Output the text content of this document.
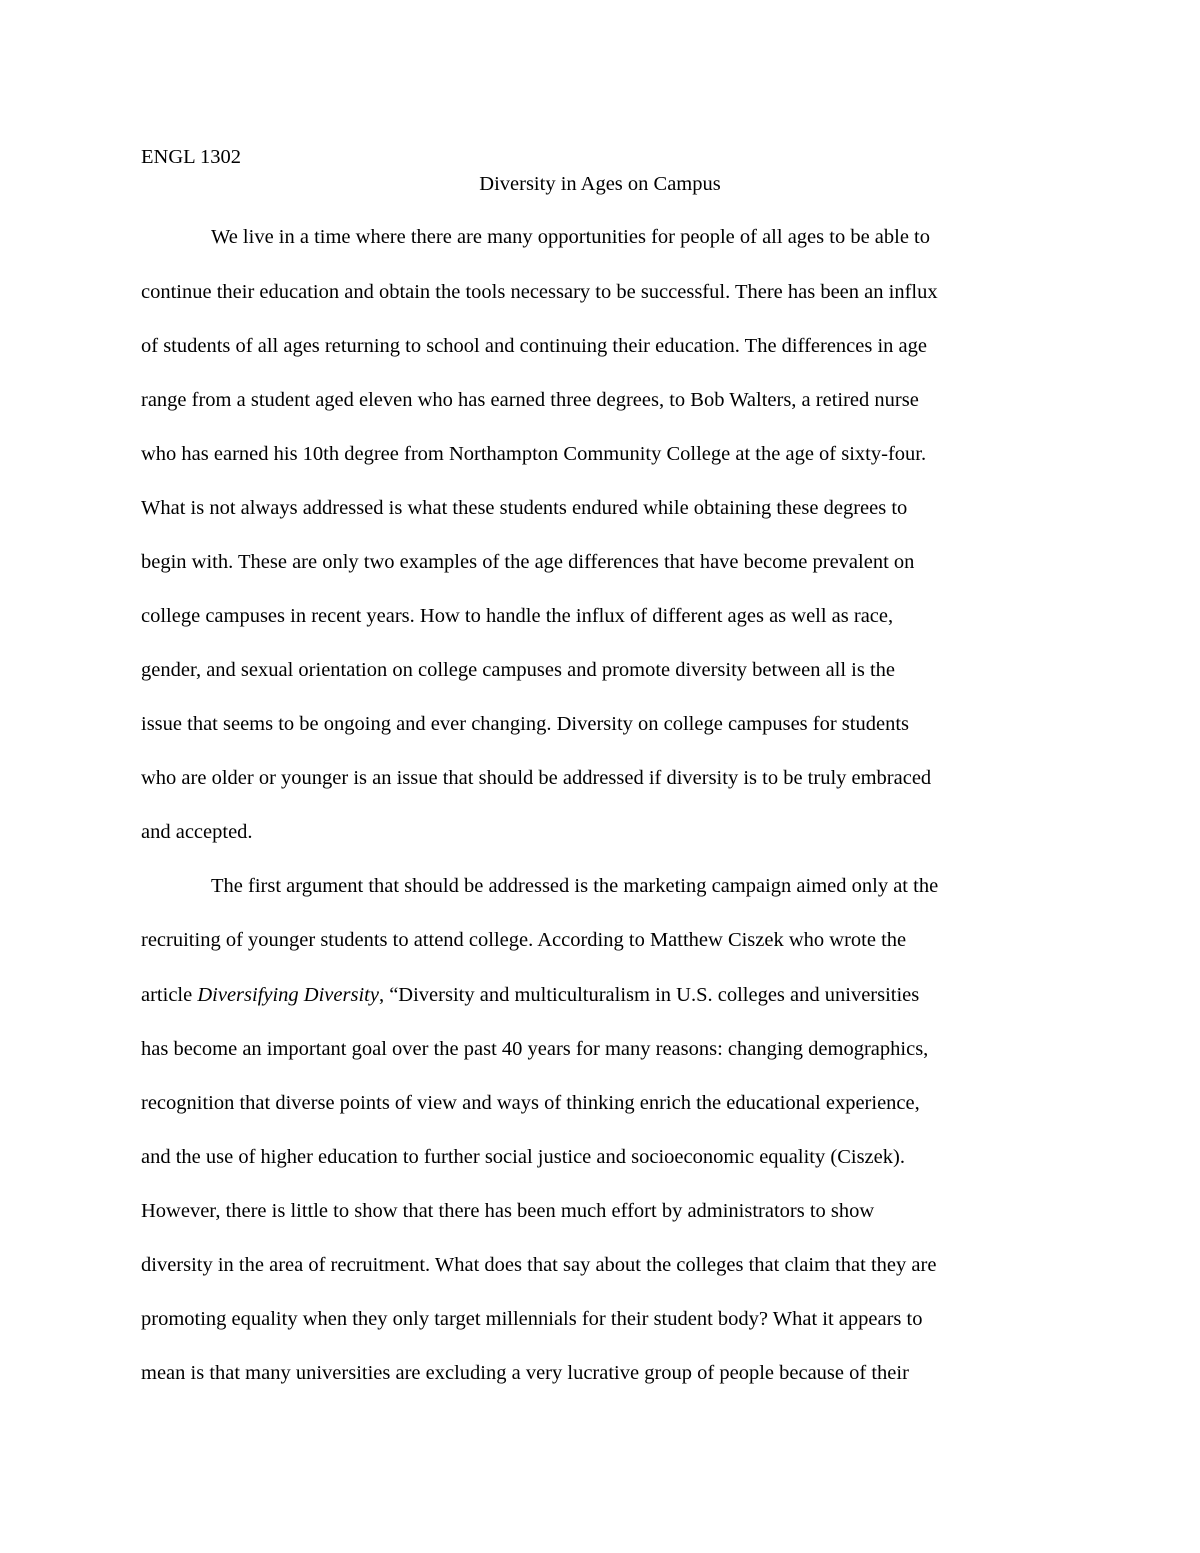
ENGL 1302
Diversity in Ages on Campus
We live in a time where there are many opportunities for people of all ages to be able to
continue their education and obtain the tools necessary to be successful. There has been an influx
of students of all ages returning to school and continuing their education. The differences in age
range from a student aged eleven who has earned three degrees, to Bob Walters, a retired nurse
who has earned his 10th degree from Northampton Community College at the age of sixty-four.
What is not always addressed is what these students endured while obtaining these degrees to
begin with. These are only two examples of the age differences that have become prevalent on
college campuses in recent years. How to handle the influx of different ages as well as race,
gender, and sexual orientation on college campuses and promote diversity between all is the
issue that seems to be ongoing and ever changing. Diversity on college campuses for students
who are older or younger is an issue that should be addressed if diversity is to be truly embraced
and accepted.
The first argument that should be addressed is the marketing campaign aimed only at the
recruiting of younger students to attend college. According to Matthew Ciszek who wrote the
article Diversifying Diversity, “Diversity and multiculturalism in U.S. colleges and universities
has become an important goal over the past 40 years for many reasons: changing demographics,
recognition that diverse points of view and ways of thinking enrich the educational experience,
and the use of higher education to further social justice and socioeconomic equality (Ciszek).
However, there is little to show that there has been much effort by administrators to show
diversity in the area of recruitment. What does that say about the colleges that claim that they are
promoting equality when they only target millennials for their student body? What it appears to
mean is that many universities are excluding a very lucrative group of people because of their
